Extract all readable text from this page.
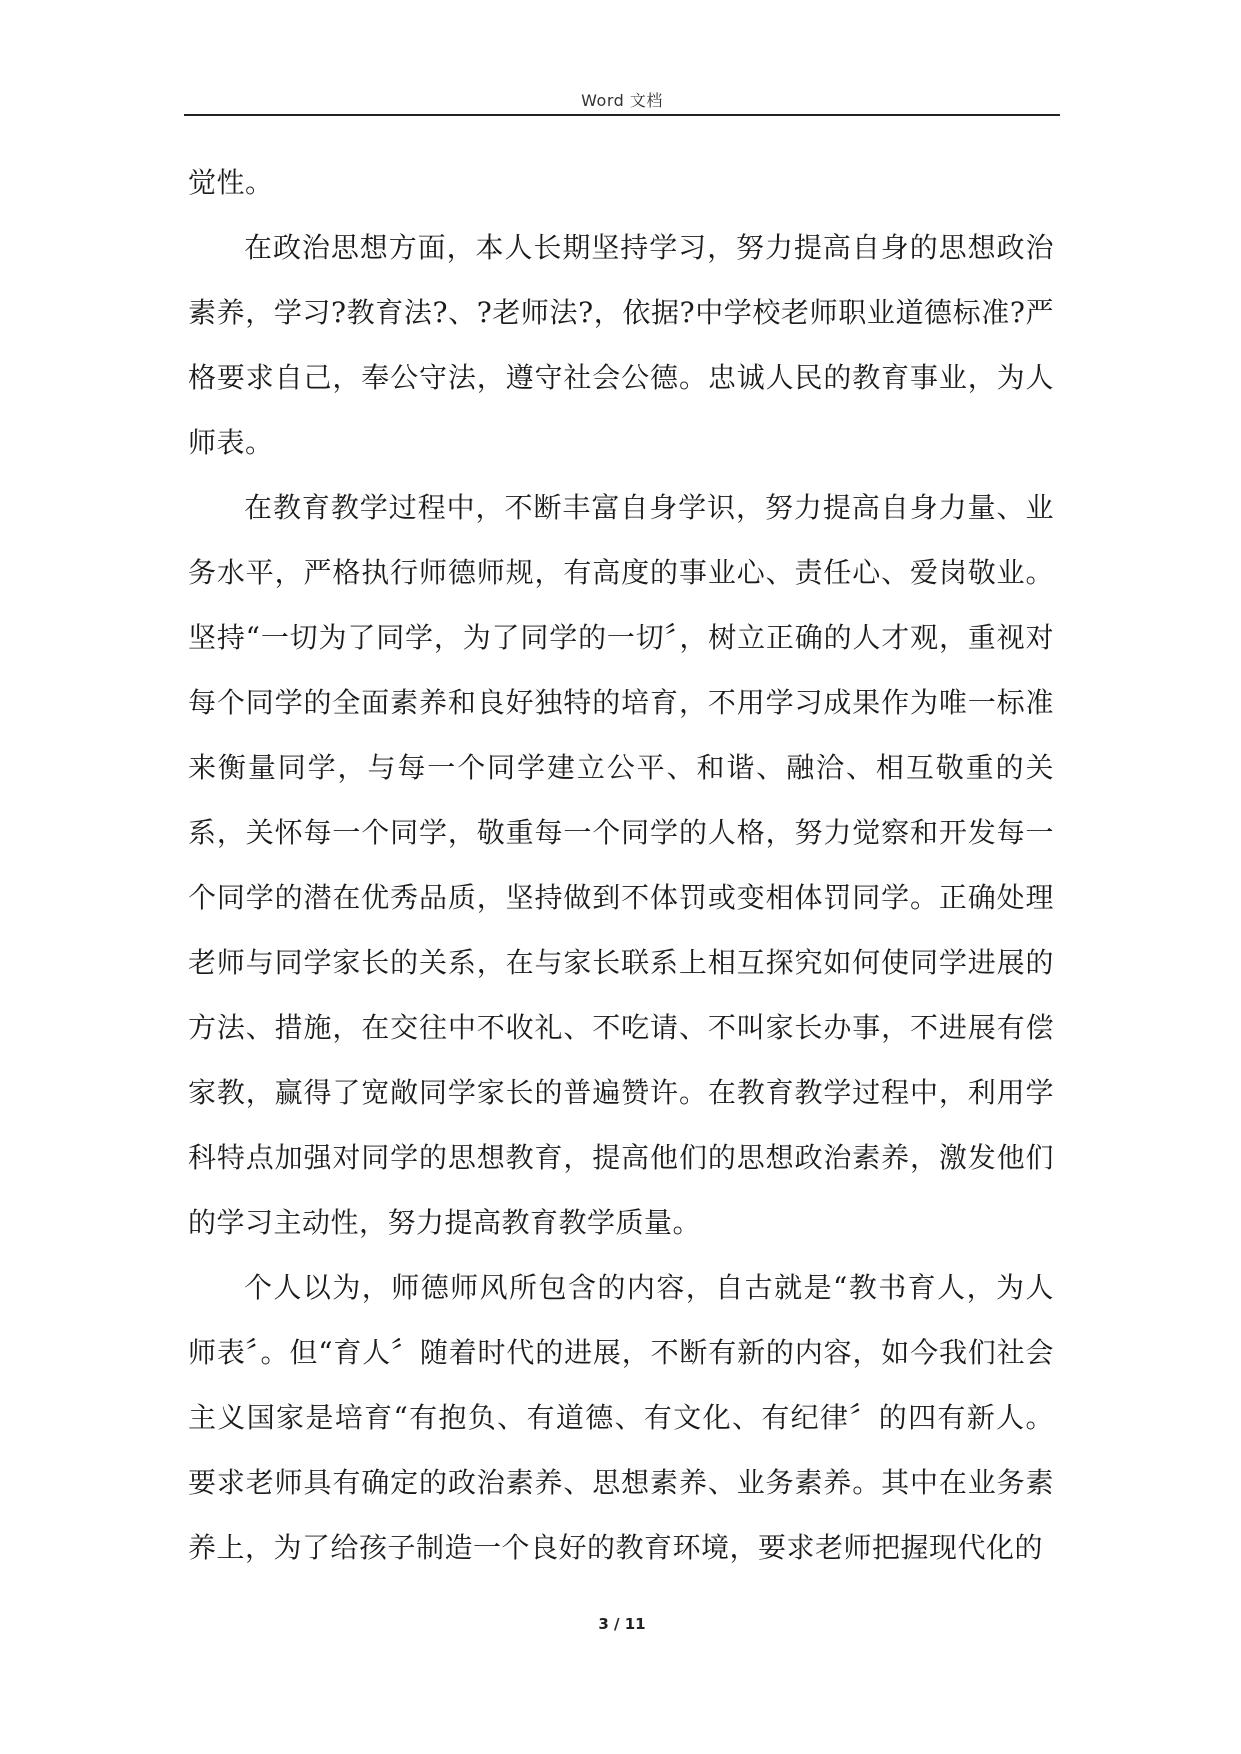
Word 文档

觉性。

在政治思想方面，本人长期坚持学习，努力提高自身的思想政治素养，学习?教育法?、?老师法?，依据?中学校老师职业道德标准?严格要求自己，奉公守法，遵守社会公德。忠诚人民的教育事业，为人师表。

在教育教学过程中，不断丰富自身学识，努力提高自身力量、业务水平，严格执行师德师规，有高度的事业心、责任心、爱岗敬业。坚持“一切为了同学，为了同学的一切〞，树立正确的人才观，重视对每个同学的全面素养和良好独特的培育，不用学习成果作为唯一标准来衡量同学，与每一个同学建立公平、和谐、融洽、相互敬重的关系，关怀每一个同学，敬重每一个同学的人格，努力觉察和开发每一个同学的潜在优秀品质，坚持做到不体罚或变相体罚同学。正确处理老师与同学家长的关系，在与家长联系上相互探究如何使同学进展的方法、措施，在交往中不收礼、不吃请、不叫家长办事，不进展有偿家教，赢得了宽敞同学家长的普遍赞许。在教育教学过程中，利用学科特点加强对同学的思想教育，提高他们的思想政治素养，激发他们的学习主动性，努力提高教育教学质量。

个人以为，师德师风所包含的内容，自古就是“教书育人，为人师表〞。但“育人〞随着时代的进展，不断有新的内容，如今我们社会主义国家是培育“有抱负、有道德、有文化、有纪律〞的四有新人。要求老师具有确定的政治素养、思想素养、业务素养。其中在业务素养上，为了给孩子制造一个良好的教育环境，要求老师把握现代化的

3 / 11
